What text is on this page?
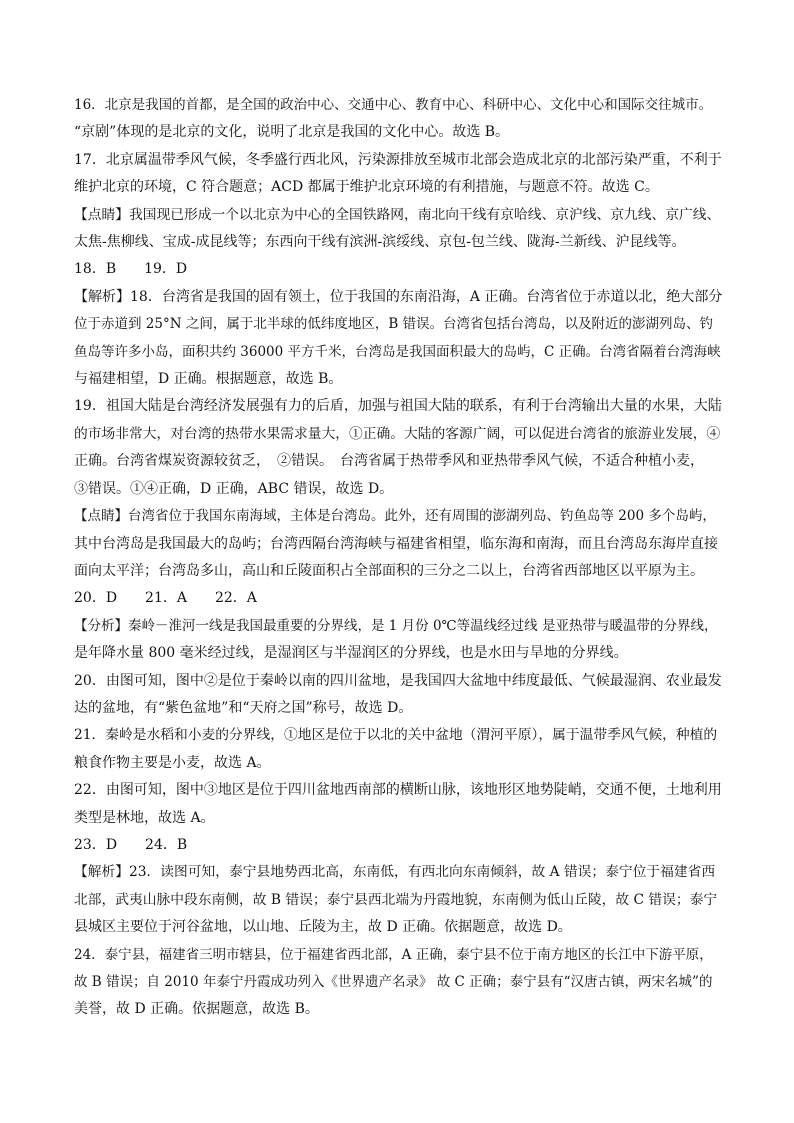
16．北京是我国的首都，是全国的政治中心、交通中心、教育中心、科研中心、文化中心和国际交往城市。
“京剧”体现的是北京的文化，说明了北京是我国的文化中心。故选 B。
17．北京属温带季风气候，冬季盛行西北风，污染源排放至城市北部会造成北京的北部污染严重，不利于
维护北京的环境，C 符合题意；ACD 都属于维护北京环境的有利措施，与题意不符。故选 C。
【点睛】我国现已形成一个以北京为中心的全国铁路网，南北向干线有京哈线、京沪线、京九线、京广线、
太焦-焦柳线、宝成-成昆线等；东西向干线有滨洲-滨绥线、京包-包兰线、陇海-兰新线、沪昆线等。
18．B　　19．D
【解析】18．台湾省是我国的固有领土，位于我国的东南沿海，A 正确。台湾省位于赤道以北，绝大部分
位于赤道到 25°N 之间，属于北半球的低纬度地区，B 错误。台湾省包括台湾岛，以及附近的澎湖列岛、钓
鱼岛等许多小岛，面积共约 36000 平方千米，台湾岛是我国面积最大的岛屿，C 正确。台湾省隔着台湾海峡
与福建相望，D 正确。根据题意，故选 B。
19．祖国大陆是台湾经济发展强有力的后盾，加强与祖国大陆的联系，有利于台湾输出大量的水果，大陆
的市场非常大，对台湾的热带水果需求量大，①正确。大陆的客源广阔，可以促进台湾省的旅游业发展，④
正确。台湾省煤炭资源较贫乏，　②错误。　台湾省属于热带季风和亚热带季风气候，不适合种植小麦，
③错误。①④正确，D 正确，ABC 错误，故选 D。
【点睛】台湾省位于我国东南海域，主体是台湾岛。此外，还有周围的澎湖列岛、钓鱼岛等 200 多个岛屿，
其中台湾岛是我国最大的岛屿；台湾西隔台湾海峡与福建省相望，临东海和南海，而且台湾岛东海岸直接
面向太平洋；台湾岛多山，高山和丘陵面积占全部面积的三分之二以上，台湾省西部地区以平原为主。
20．D　　21．A　　22．A
【分析】秦岭－淮河一线是我国最重要的分界线，是 1 月份 0℃等温线经过线 是亚热带与暖温带的分界线，
是年降水量 800 毫米经过线，是湿润区与半湿润区的分界线，也是水田与旱地的分界线。
20．由图可知，图中②是位于秦岭以南的四川盆地，是我国四大盆地中纬度最低、气候最湿润、农业最发
达的盆地，有“紫色盆地”和“天府之国”称号，故选 D。
21．秦岭是水稻和小麦的分界线，①地区是位于以北的关中盆地（渭河平原），属于温带季风气候，种植的
粮食作物主要是小麦，故选 A。
22．由图可知，图中③地区是位于四川盆地西南部的横断山脉，该地形区地势陡峭，交通不便，土地利用
类型是林地，故选 A。
23．D　　24．B
【解析】23．读图可知，泰宁县地势西北高，东南低，有西北向东南倾斜，故 A 错误；泰宁位于福建省西
北部，武夷山脉中段东南侧，故 B 错误；泰宁县西北端为丹霞地貌，东南侧为低山丘陵，故 C 错误；泰宁
县城区主要位于河谷盆地，以山地、丘陵为主，故 D 正确。依据题意，故选 D。
24．泰宁县，福建省三明市辖县，位于福建省西北部，A 正确，泰宁县不位于南方地区的长江中下游平原，
故 B 错误；自 2010 年泰宁丹霞成功列入《世界遗产名录》 故 C 正确；泰宁县有“汉唐古镇，两宋名城”的
美誉，故 D 正确。依据题意，故选 B。
